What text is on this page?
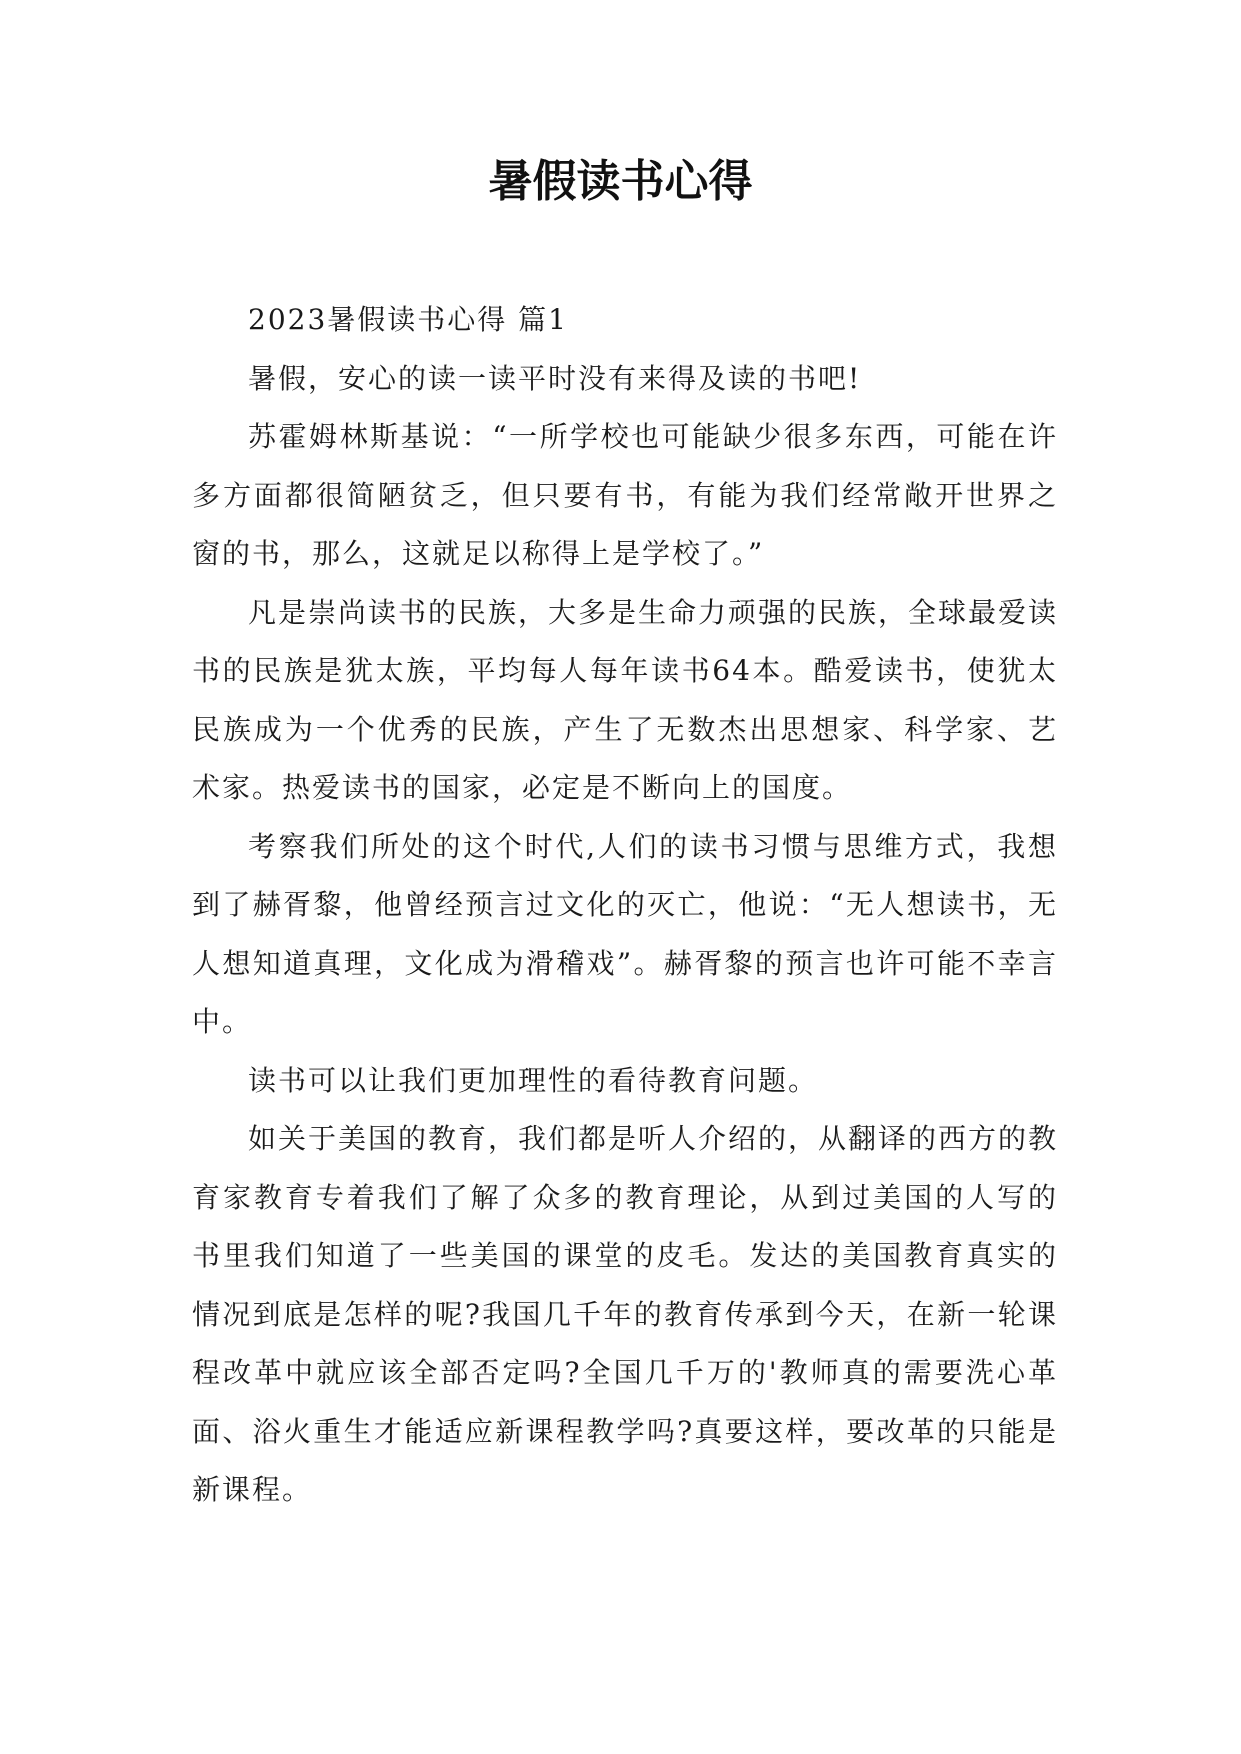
暑假读书心得

2023暑假读书心得 篇1

暑假，安心的读一读平时没有来得及读的书吧!

苏霍姆林斯基说：“一所学校也可能缺少很多东西，可能在许多方面都很简陋贫乏，但只要有书，有能为我们经常敞开世界之窗的书，那么，这就足以称得上是学校了。”

凡是崇尚读书的民族，大多是生命力顽强的民族，全球最爱读书的民族是犹太族，平均每人每年读书64本。酷爱读书，使犹太民族成为一个优秀的民族，产生了无数杰出思想家、科学家、艺术家。热爱读书的国家，必定是不断向上的国度。

考察我们所处的这个时代,人们的读书习惯与思维方式，我想到了赫胥黎，他曾经预言过文化的灭亡，他说：“无人想读书，无人想知道真理，文化成为滑稽戏”。赫胥黎的预言也许可能不幸言中。

读书可以让我们更加理性的看待教育问题。

如关于美国的教育，我们都是听人介绍的，从翻译的西方的教育家教育专着我们了解了众多的教育理论，从到过美国的人写的书里我们知道了一些美国的课堂的皮毛。发达的美国教育真实的情况到底是怎样的呢?我国几千年的教育传承到今天，在新一轮课程改革中就应该全部否定吗?全国几千万的'教师真的需要洗心革面、浴火重生才能适应新课程教学吗?真要这样，要改革的只能是新课程。
